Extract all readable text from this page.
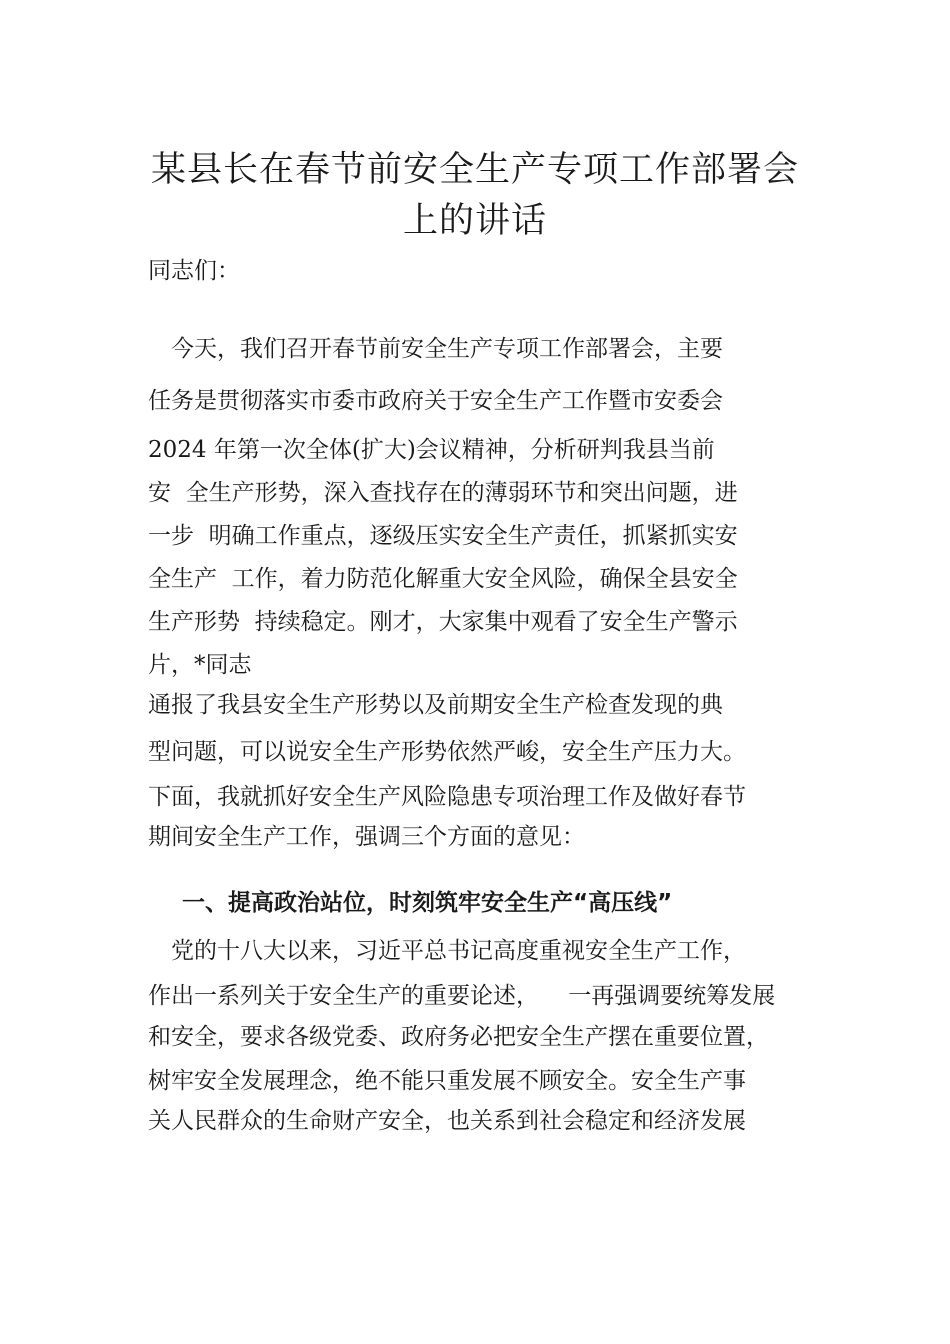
某县长在春节前安全生产专项工作部署会
上的讲话

同志们：

　今天，我们召开春节前安全生产专项工作部署会，主要

任务是贯彻落实市委市政府关于安全生产工作暨市安委会

2024 年第一次全体(扩大)会议精神，分析研判我县当前

安  全生产形势，深入查找存在的薄弱环节和突出问题，进

一步  明确工作重点，逐级压实安全生产责任，抓紧抓实安

全生产  工作，着力防范化解重大安全风险，确保全县安全

生产形势  持续稳定。刚才，大家集中观看了安全生产警示

片，*同志

通报了我县安全生产形势以及前期安全生产检查发现的典

型问题，可以说安全生产形势依然严峻，安全生产压力大。

下面，我就抓好安全生产风险隐患专项治理工作及做好春节

期间安全生产工作，强调三个方面的意见：

一、提高政治站位，时刻筑牢安全生产“高压线”

　党的十八大以来，习近平总书记高度重视安全生产工作，

作出一系列关于安全生产的重要论述，    一再强调要统筹发展

和安全，要求各级党委、政府务必把安全生产摆在重要位置，

树牢安全发展理念，绝不能只重发展不顾安全。安全生产事

关人民群众的生命财产安全，也关系到社会稳定和经济发展
